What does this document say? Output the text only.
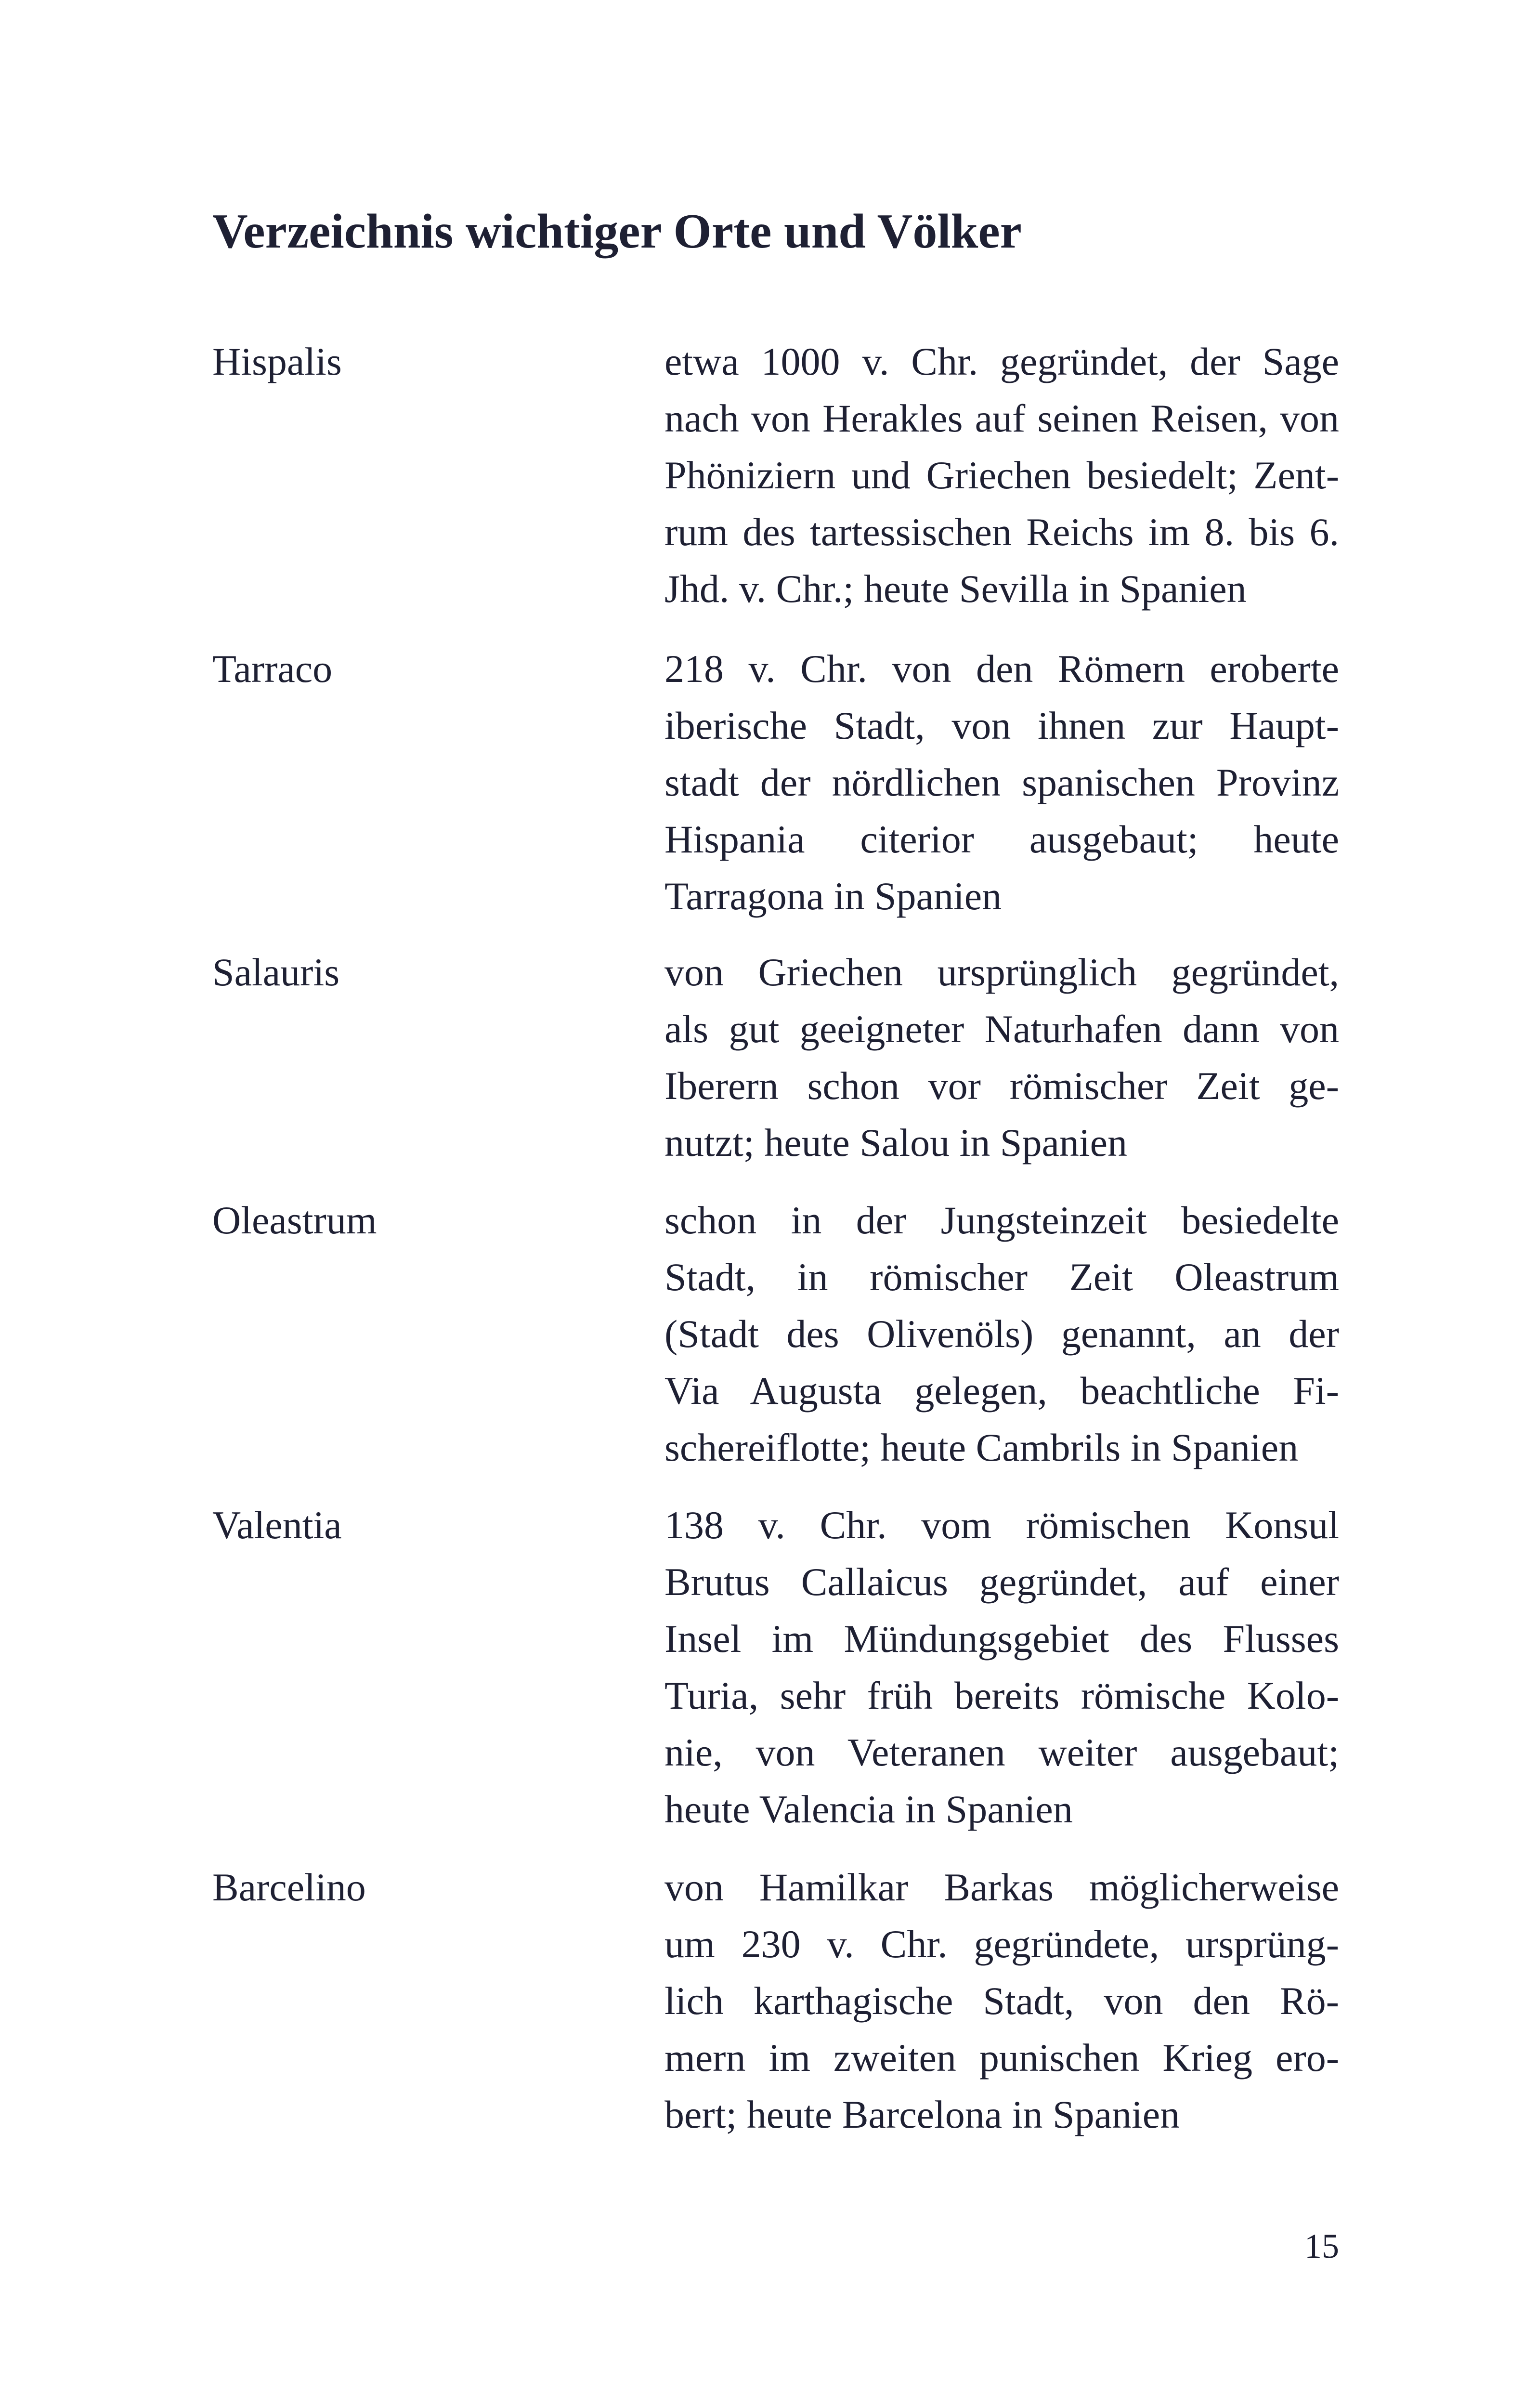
Verzeichnis wichtiger Orte und Völker
Hispalis	etwa 1000 v. Chr. gegründet, der Sage
nach von Herakles auf seinen Reisen, von
Phöniziern und Griechen besiedelt; Zent-
rum des tartessischen Reichs im 8. bis 6.
Jhd. v. Chr.; heute Sevilla in Spanien
Tarraco	218 v. Chr. von den Römern eroberte
iberische Stadt, von ihnen zur Haupt-
stadt der nördlichen spanischen Provinz
Hispania citerior ausgebaut; heute
Tarragona in Spanien
Salauris	von Griechen ursprünglich gegründet,
als gut geeigneter Naturhafen dann von
Iberern schon vor römischer Zeit ge-
nutzt; heute Salou in Spanien
Oleastrum	schon in der Jungsteinzeit besiedelte
Stadt, in römischer Zeit Oleastrum
(Stadt des Olivenöls) genannt, an der
Via Augusta gelegen, beachtliche Fi-
schereiflotte; heute Cambrils in Spanien
Valentia	138 v. Chr. vom römischen Konsul
Brutus Callaicus gegründet, auf einer
Insel im Mündungsgebiet des Flusses
Turia, sehr früh bereits römische Kolo-
nie, von Veteranen weiter ausgebaut;
heute Valencia in Spanien
Barcelino	von Hamilkar Barkas möglicherweise
um 230 v. Chr. gegründete, ursprüng-
lich karthagische Stadt, von den Rö-
mern im zweiten punischen Krieg ero-
bert; heute Barcelona in Spanien
15
